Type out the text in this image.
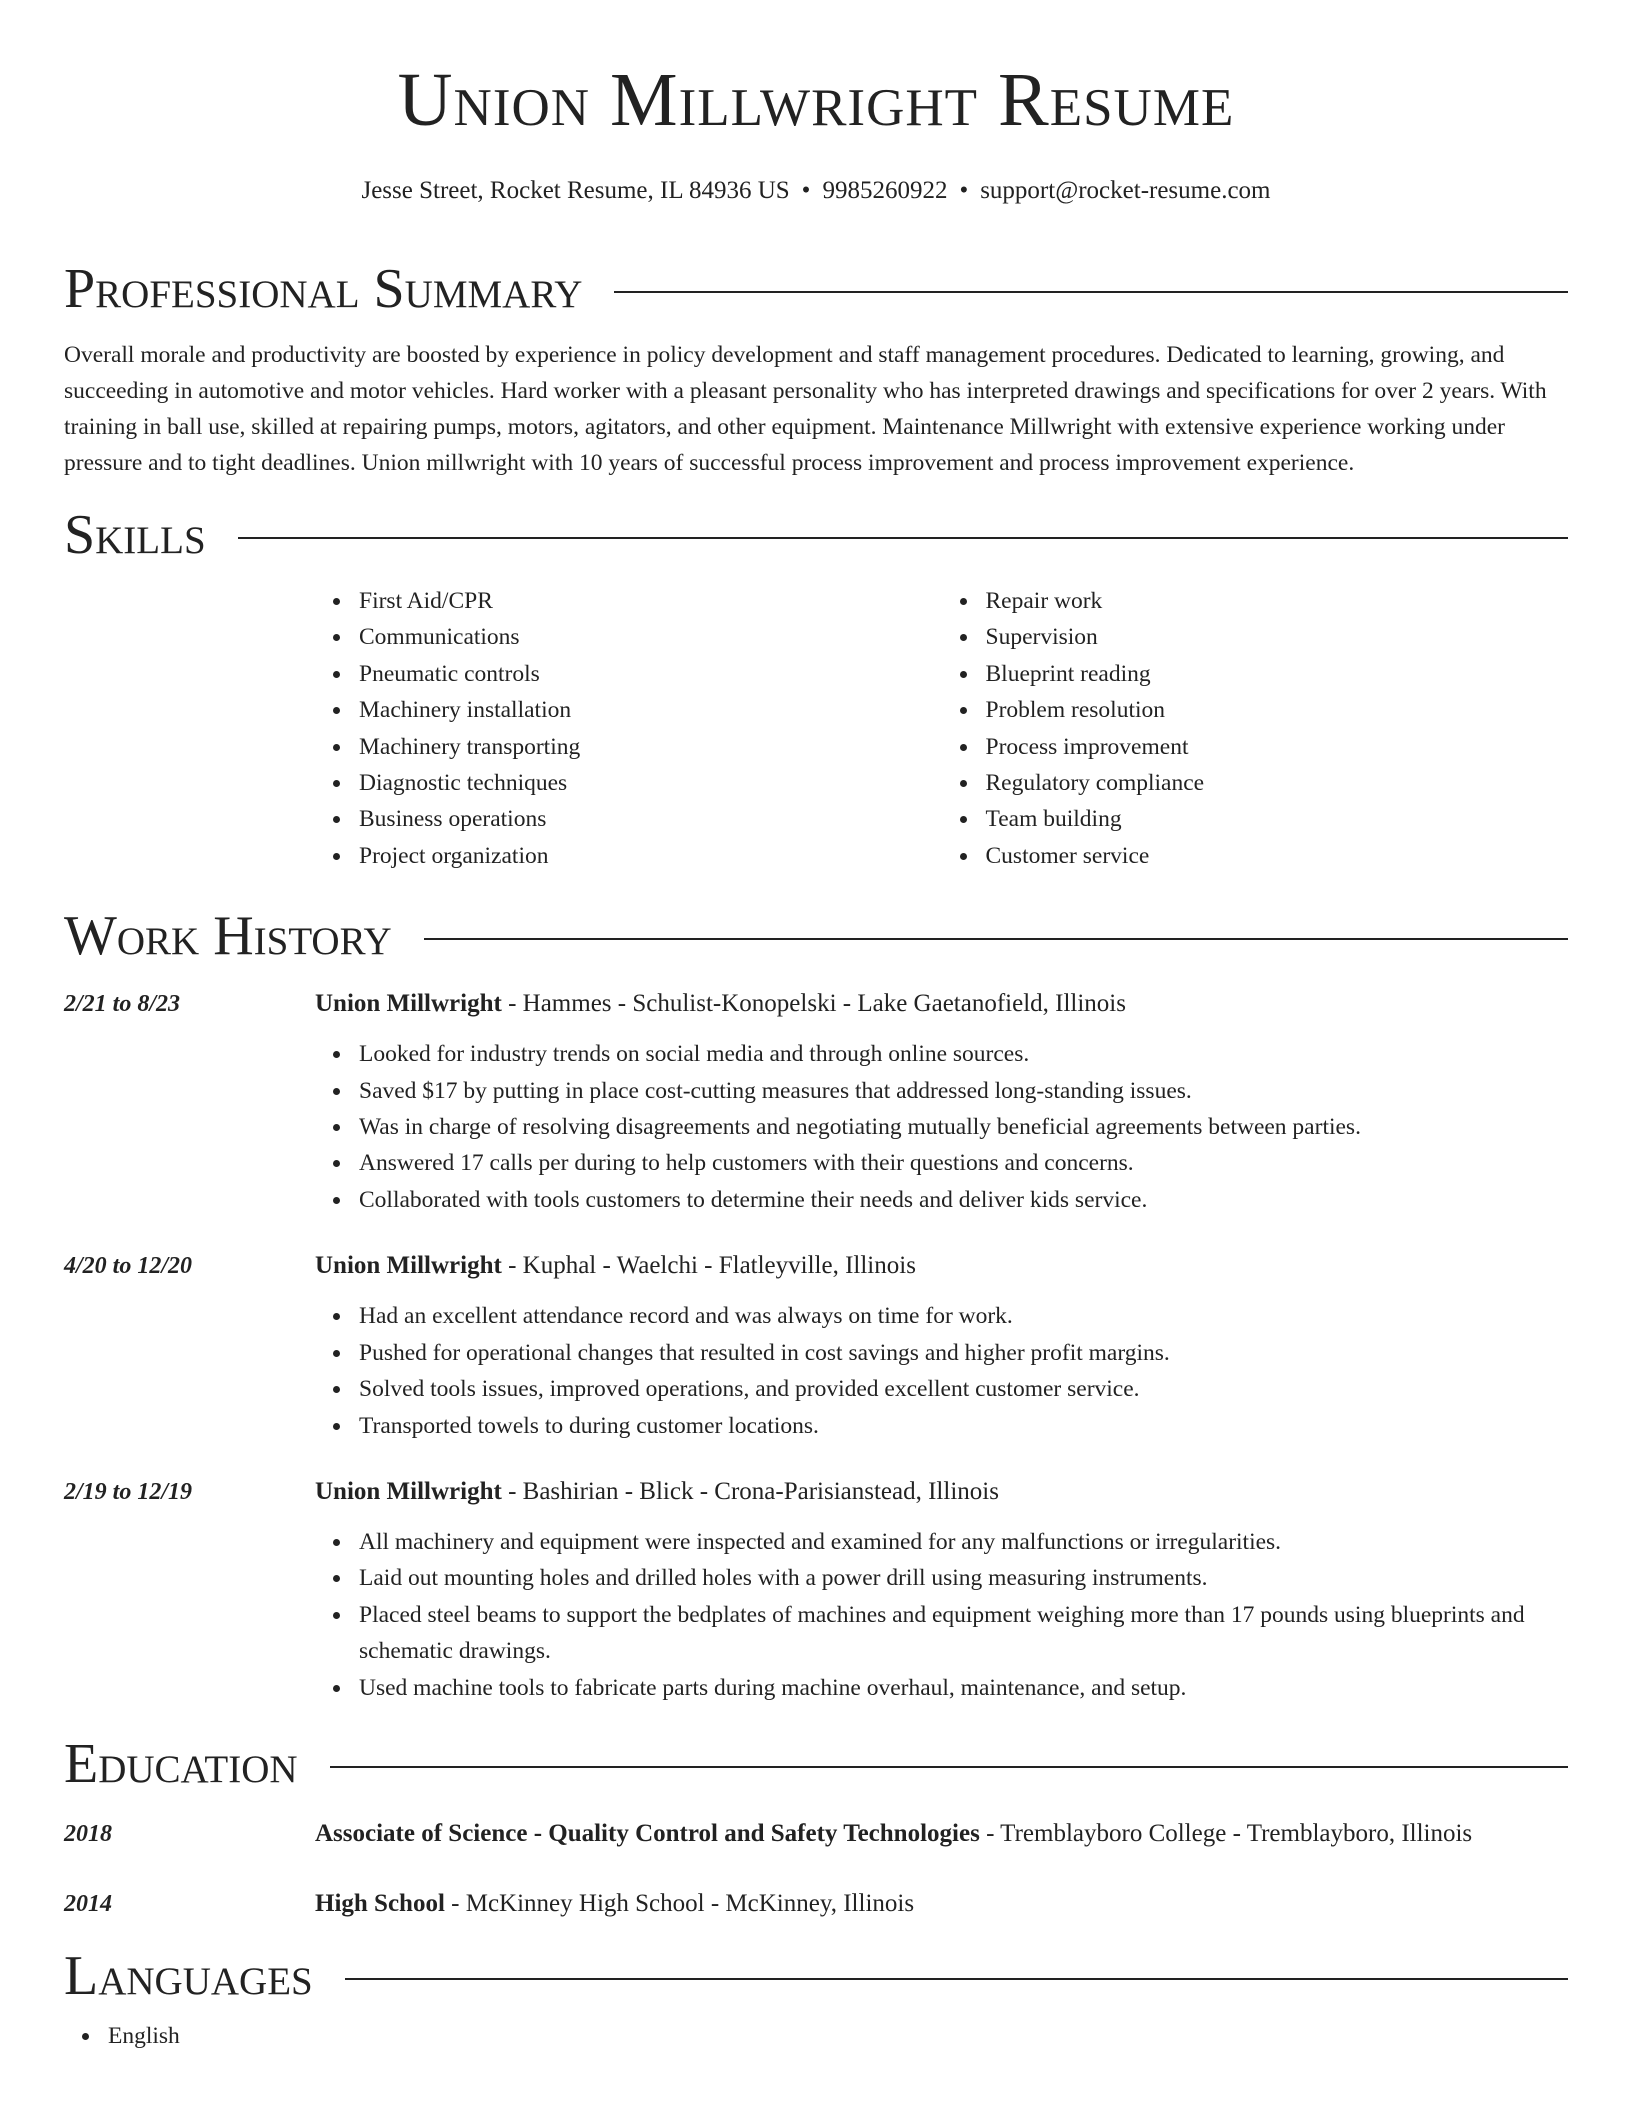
Union Millwright Resume
Jesse Street, Rocket Resume, IL 84936 US • 9985260922 • support@rocket-resume.com
Professional Summary

Overall morale and productivity are boosted by experience in policy development and staff management procedures. Dedicated to learning, growing, and succeeding in automotive and motor vehicles. Hard worker with a pleasant personality who has interpreted drawings and specifications for over 2 years. With training in ball use, skilled at repairing pumps, motors, agitators, and other equipment. Maintenance Millwright with extensive experience working under pressure and to tight deadlines. Union millwright with 10 years of successful process improvement and process improvement experience.

Skills
First Aid/CPR
Communications
Pneumatic controls
Machinery installation
Machinery transporting
Diagnostic techniques
Business operations
Project organization
Repair work
Supervision
Blueprint reading
Problem resolution
Process improvement
Regulatory compliance
Team building
Customer service
Work History
2/21 to 8/23	Union Millwright - Hammes - Schulist-Konopelski - Lake Gaetanofield, Illinois
Looked for industry trends on social media and through online sources.
Saved $17 by putting in place cost-cutting measures that addressed long-standing issues.
Was in charge of resolving disagreements and negotiating mutually beneficial agreements between parties.
Answered 17 calls per during to help customers with their questions and concerns.
Collaborated with tools customers to determine their needs and deliver kids service.
4/20 to 12/20	Union Millwright - Kuphal - Waelchi - Flatleyville, Illinois
Had an excellent attendance record and was always on time for work.
Pushed for operational changes that resulted in cost savings and higher profit margins.
Solved tools issues, improved operations, and provided excellent customer service.
Transported towels to during customer locations.
2/19 to 12/19	Union Millwright - Bashirian - Blick - Crona-Parisianstead, Illinois
All machinery and equipment were inspected and examined for any malfunctions or irregularities.
Laid out mounting holes and drilled holes with a power drill using measuring instruments.
Placed steel beams to support the bedplates of machines and equipment weighing more than 17 pounds using blueprints and schematic drawings.
Used machine tools to fabricate parts during machine overhaul, maintenance, and setup.
Education
2018	Associate of Science - Quality Control and Safety Technologies - Tremblayboro College - Tremblayboro, Illinois
2014	High School - McKinney High School - McKinney, Illinois
Languages
English
